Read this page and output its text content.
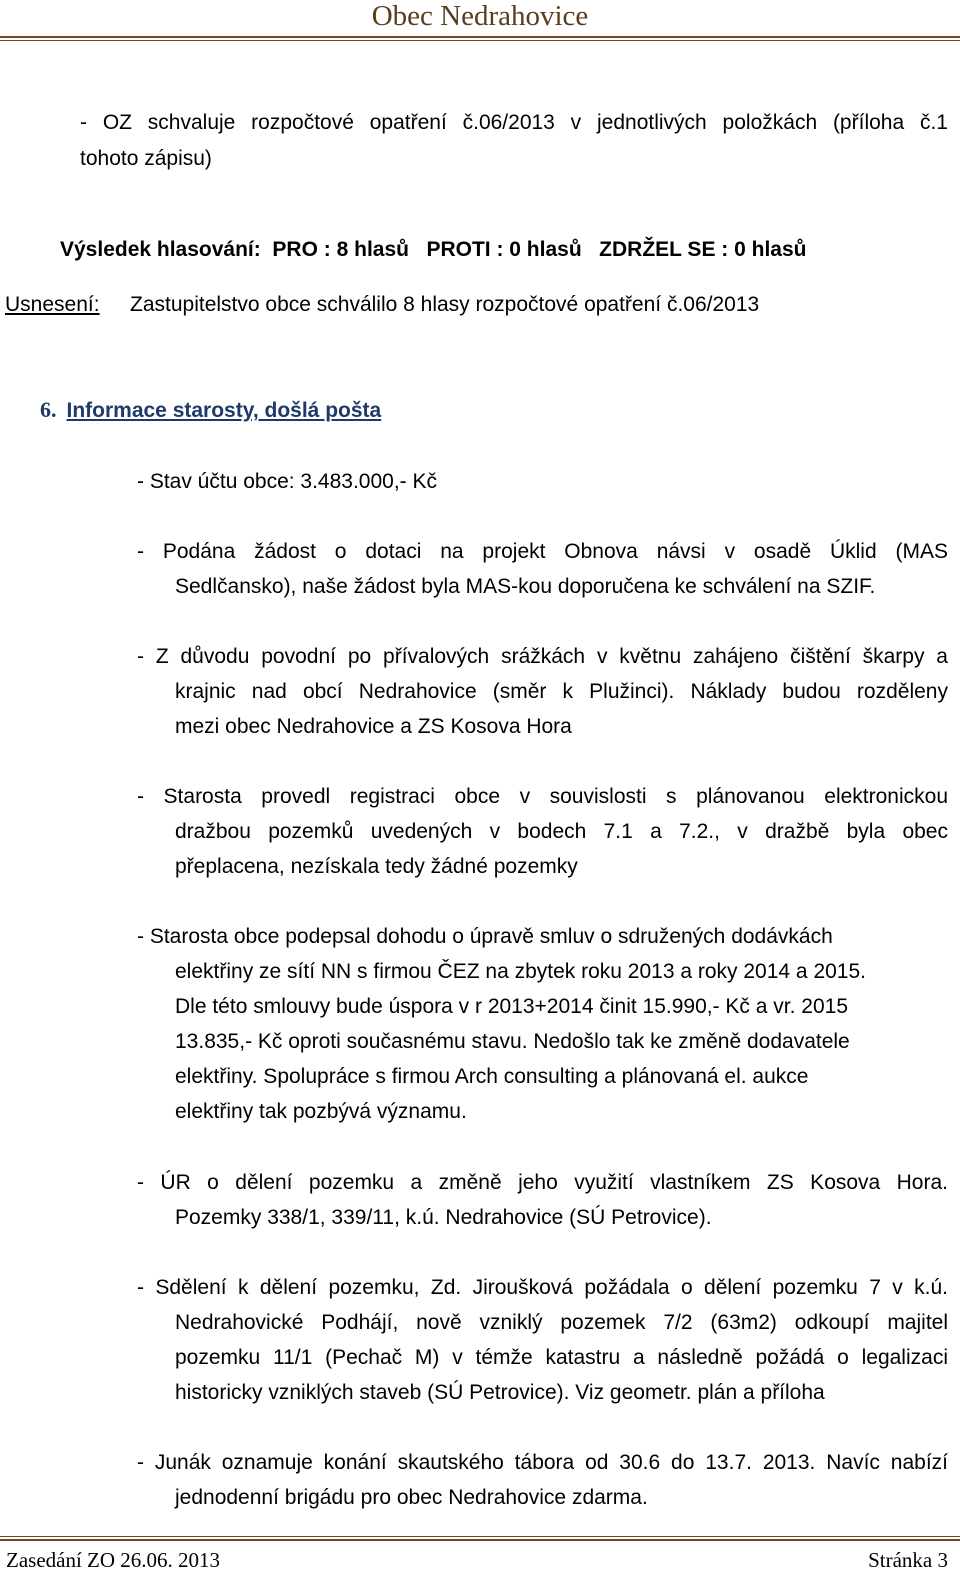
Obec Nedrahovice
- OZ schvaluje rozpočtové opatření č.06/2013 v jednotlivých položkách (příloha č.1
tohoto zápisu)
Výsledek hlasování:  PRO : 8 hlasů   PROTI : 0 hlasů   ZDRŽEL SE : 0 hlasů
Usnesení: Zastupitelstvo obce schválilo 8 hlasy rozpočtové opatření č.06/2013
6. Informace starosty, došlá pošta
- Stav účtu obce: 3.483.000,- Kč
- Podána žádost o dotaci na projekt Obnova návsi v osadě Úklid (MAS
Sedlčansko), naše žádost byla MAS-kou doporučena ke schválení na SZIF.
- Z důvodu povodní po přívalových srážkách v květnu zahájeno čištění škarpy a
krajnic nad obcí Nedrahovice (směr k Plužinci). Náklady budou rozděleny
mezi obec Nedrahovice a ZS Kosova Hora
- Starosta provedl registraci obce v souvislosti s plánovanou elektronickou
dražbou pozemků uvedených v bodech 7.1 a 7.2., v dražbě byla obec
přeplacena, nezískala tedy žádné pozemky
- Starosta obce podepsal dohodu o úpravě smluv o sdružených dodávkách
elektřiny ze sítí NN s firmou ČEZ na zbytek roku 2013 a roky 2014 a 2015.
Dle této smlouvy bude úspora v r 2013+2014 činit 15.990,- Kč a vr. 2015
13.835,- Kč oproti současnému stavu. Nedošlo tak ke změně dodavatele
elektřiny. Spolupráce s firmou Arch consulting a plánovaná el. aukce
elektřiny tak pozbývá významu.
- ÚR o dělení pozemku a změně jeho využití vlastníkem ZS Kosova Hora.
Pozemky 338/1, 339/11, k.ú. Nedrahovice (SÚ Petrovice).
- Sdělení k dělení pozemku, Zd. Jiroušková požádala o dělení pozemku 7 v k.ú.
Nedrahovické Podhájí, nově vzniklý pozemek 7/2 (63m2) odkoupí majitel
pozemku 11/1 (Pechač M) v témže katastru a následně požádá o legalizaci
historicky vzniklých staveb (SÚ Petrovice). Viz geometr. plán a příloha
- Junák oznamuje konání skautského tábora od 30.6 do 13.7. 2013. Navíc nabízí
jednodenní brigádu pro obec Nedrahovice zdarma.
Zasedání ZO 26.06. 2013	Stránka 3
